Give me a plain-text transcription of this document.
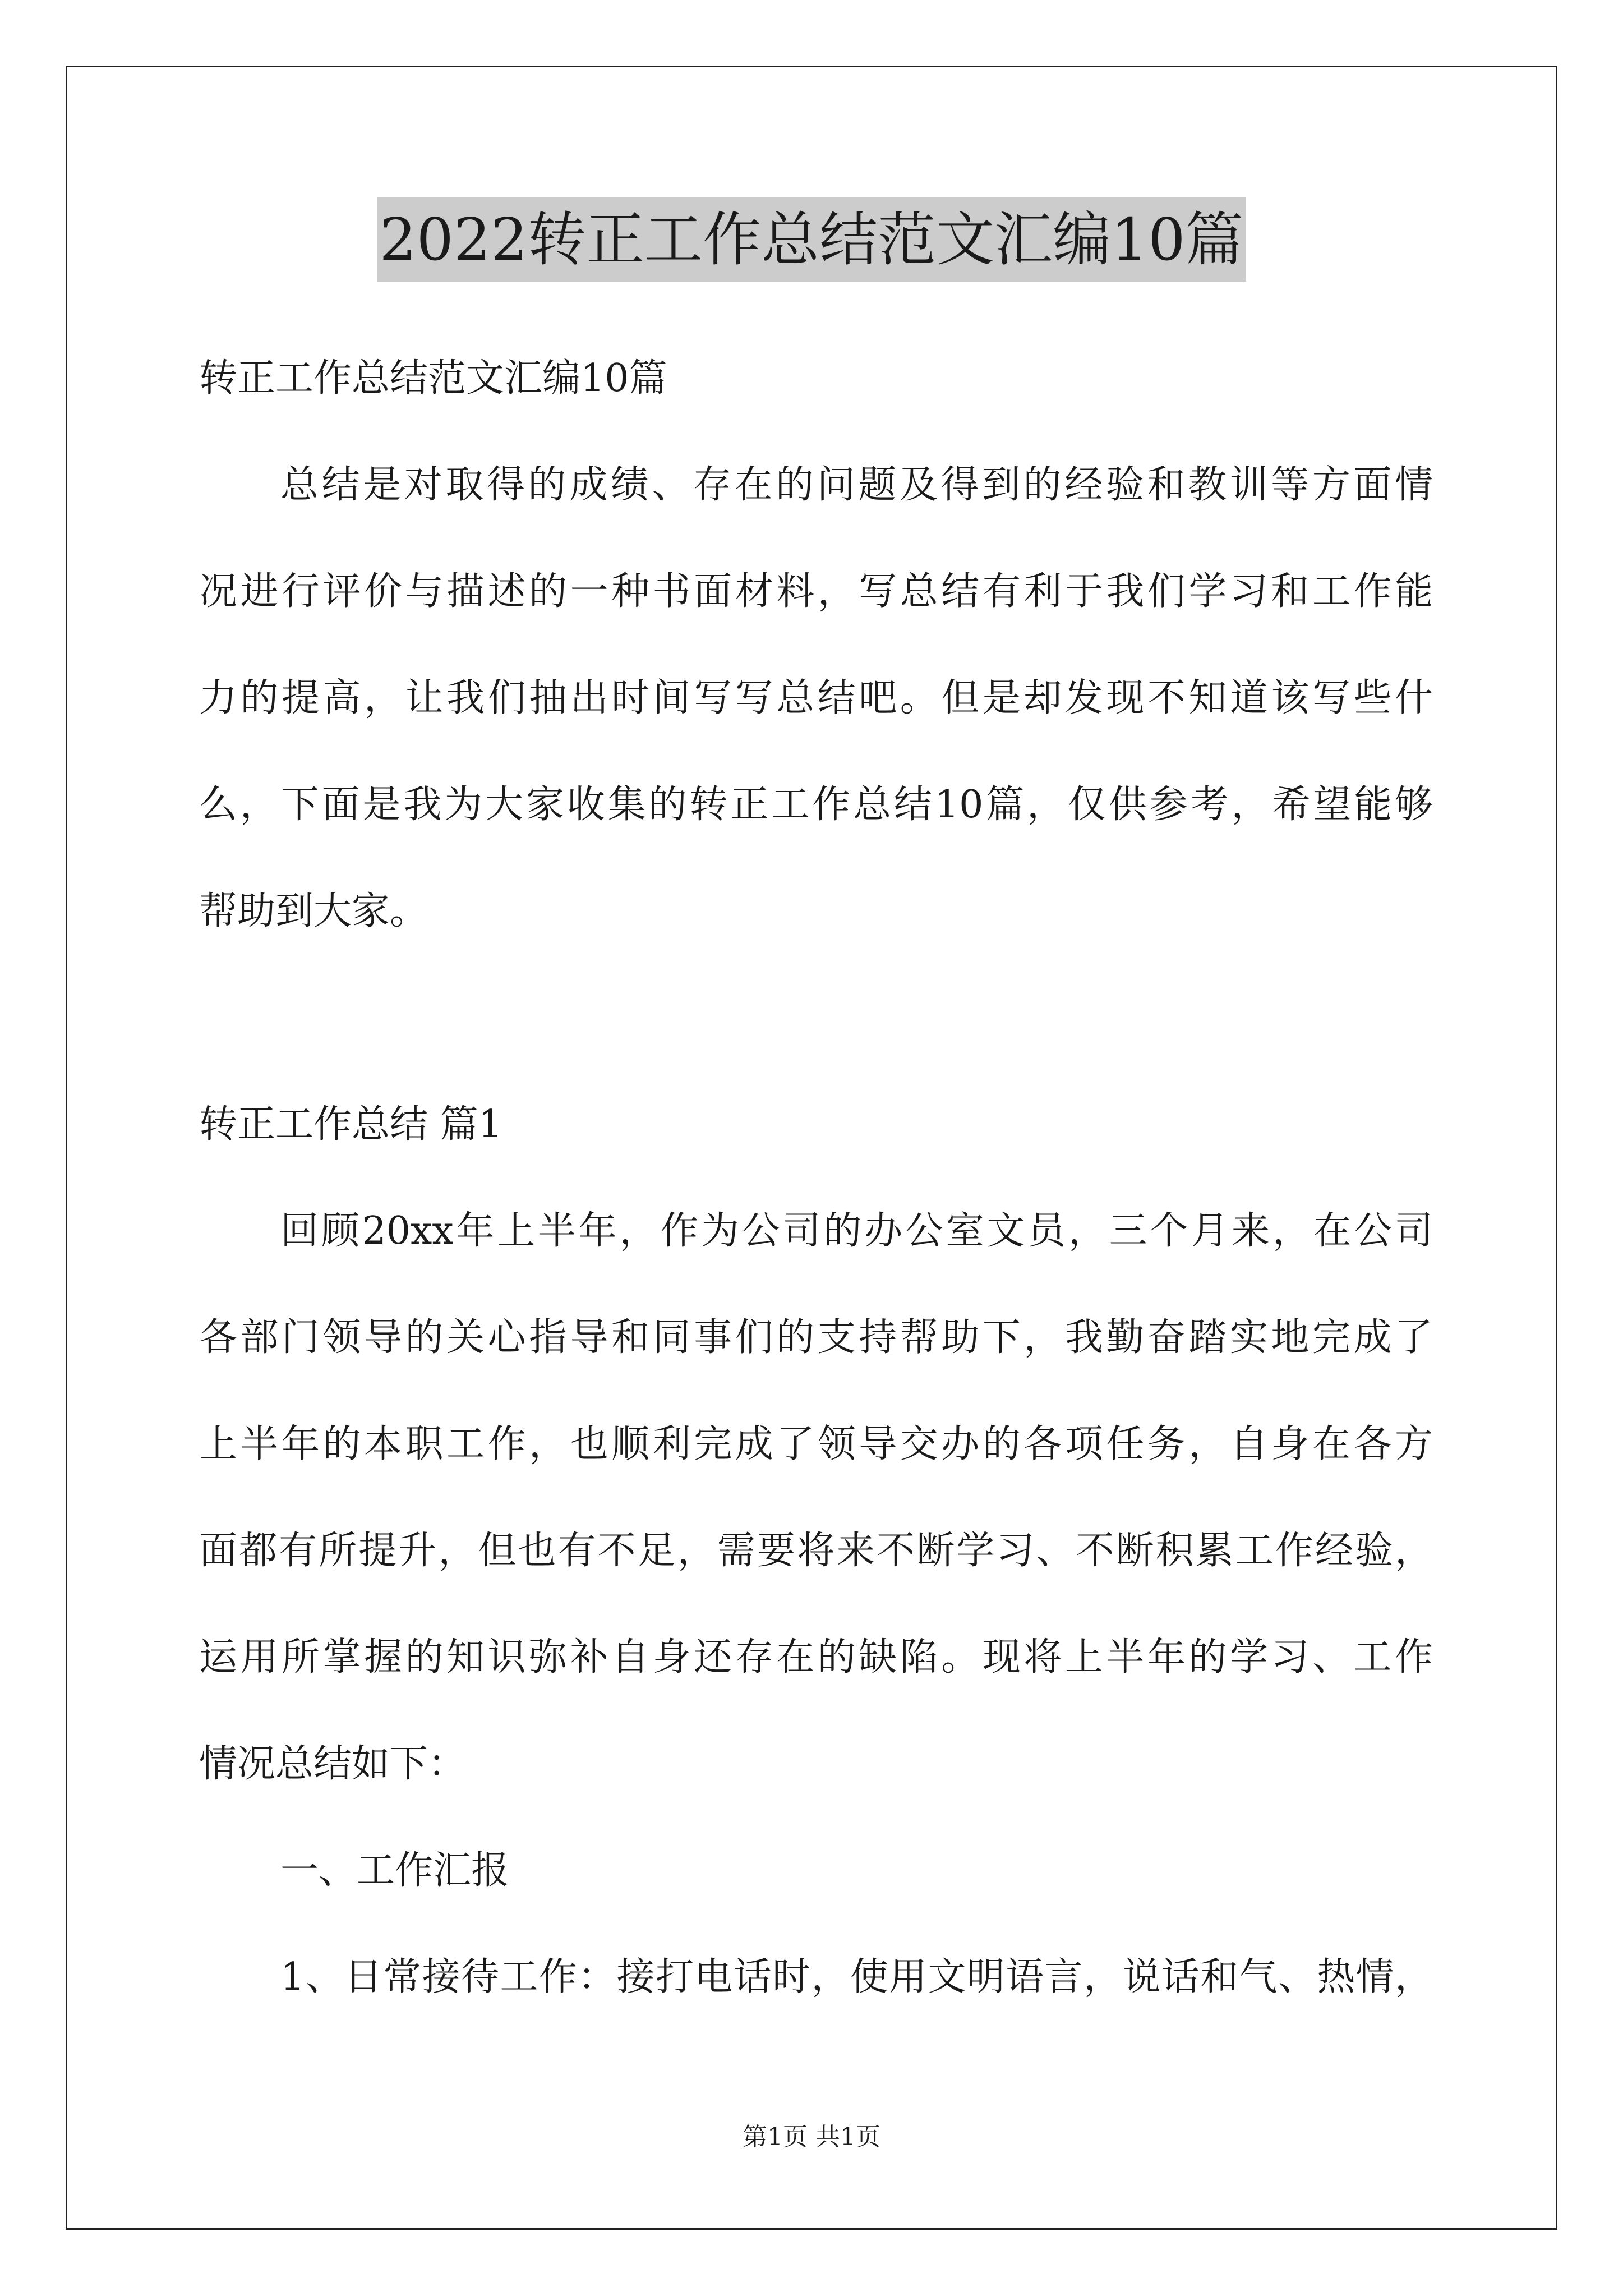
2022转正工作总结范文汇编10篇
转正工作总结范文汇编10篇
总结是对取得的成绩、存在的问题及得到的经验和教训等方面情
况进行评价与描述的一种书面材料，写总结有利于我们学习和工作能
力的提高，让我们抽出时间写写总结吧。但是却发现不知道该写些什
么，下面是我为大家收集的转正工作总结10篇，仅供参考，希望能够
帮助到大家。
转正工作总结 篇1
回顾20xx年上半年，作为公司的办公室文员，三个月来，在公司
各部门领导的关心指导和同事们的支持帮助下，我勤奋踏实地完成了
上半年的本职工作，也顺利完成了领导交办的各项任务，自身在各方
面都有所提升，但也有不足，需要将来不断学习、不断积累工作经验，
运用所掌握的知识弥补自身还存在的缺陷。现将上半年的学习、工作
情况总结如下：
一、工作汇报
1、日常接待工作：接打电话时，使用文明语言，说话和气、热情，
第1页 共1页
